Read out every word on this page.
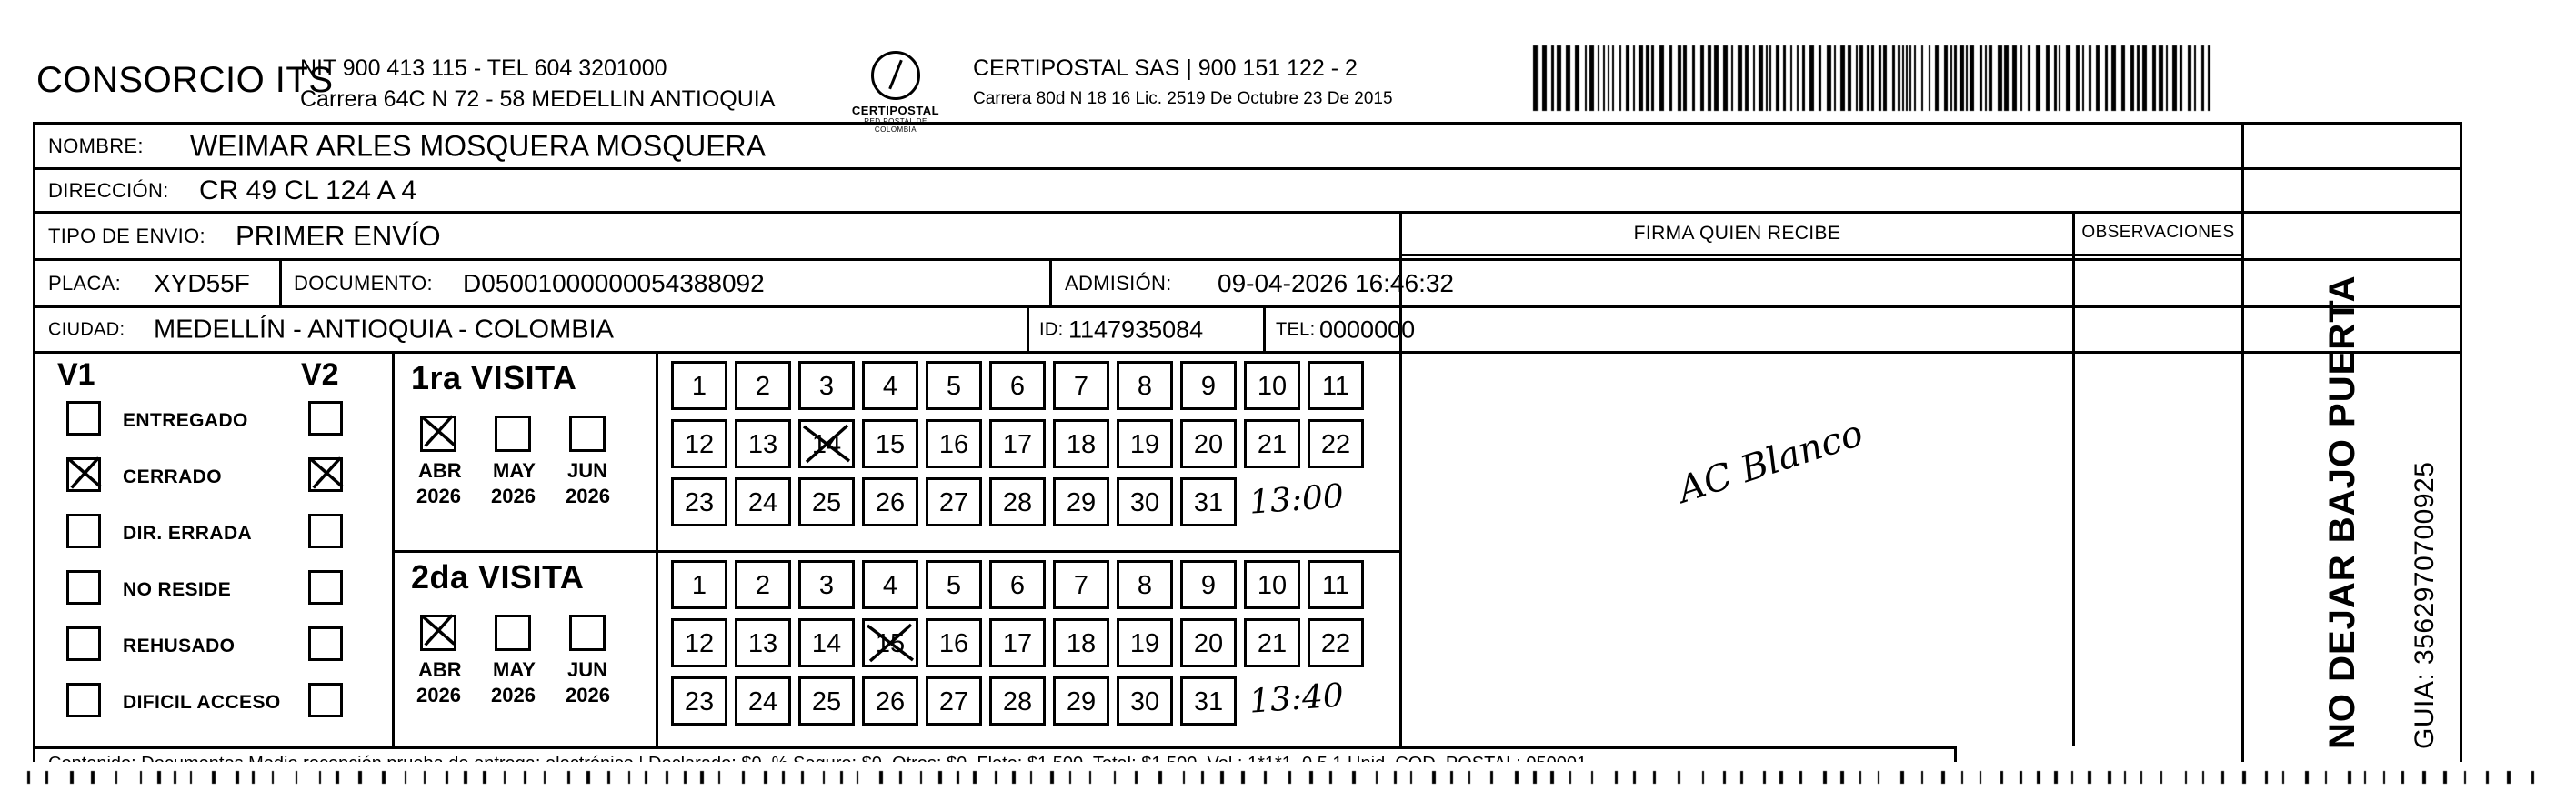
CONSORCIO ITS
NIT 900 413 115 - TEL 604 3201000
Carrera 64C N 72 - 58 MEDELLIN ANTIOQUIA	CERTIPOSTAL
RED POSTAL DE COLOMBIA
CERTIPOSTAL SAS | 900 151 122 - 2
Carrera 80d N 18 16 Lic. 2519 De Octubre 23 De 2015
NOMBRE: WEIMAR ARLES MOSQUERA MOSQUERA
DIRECCIÓN: CR 49 CL 124 A 4
TIPO DE ENVIO: PRIMER ENVÍO
PLACA: XYD55F DOCUMENTO: D05001000000054388092	ADMISIÓN: 09-04-2026 16:46:32
CIUDAD: MEDELLÍN - ANTIOQUIA - COLOMBIA	ID: 1147935084	TEL: 0000000
FIRMA QUIEN RECIBE
AC Blanco
OBSERVACIONES
NO DEJAR BAJO PUERTA GUIA: 3562970700925
V1	V2
ENTREGADO
CERRADO
DIR. ERRADA
NO RESIDE
REHUSADO
DIFICIL ACCESO
1ra VISITA
ABR
2026
MAY
2026
JUN
2026
2da VISITA
ABR
2026
MAY
2026
JUN
2026
1	2	3	4	5	6	7	8	9	10	11
12	13	14	15	16	17	18	19	20	21	22
23	24	25	26	27	28	29	30	31 13:00
1	2	3	4	5	6	7	8	9	10	11
12	13	14	15	16	17	18	19	20	21	22
23	24	25	26	27	28	29	30	31 13:40
